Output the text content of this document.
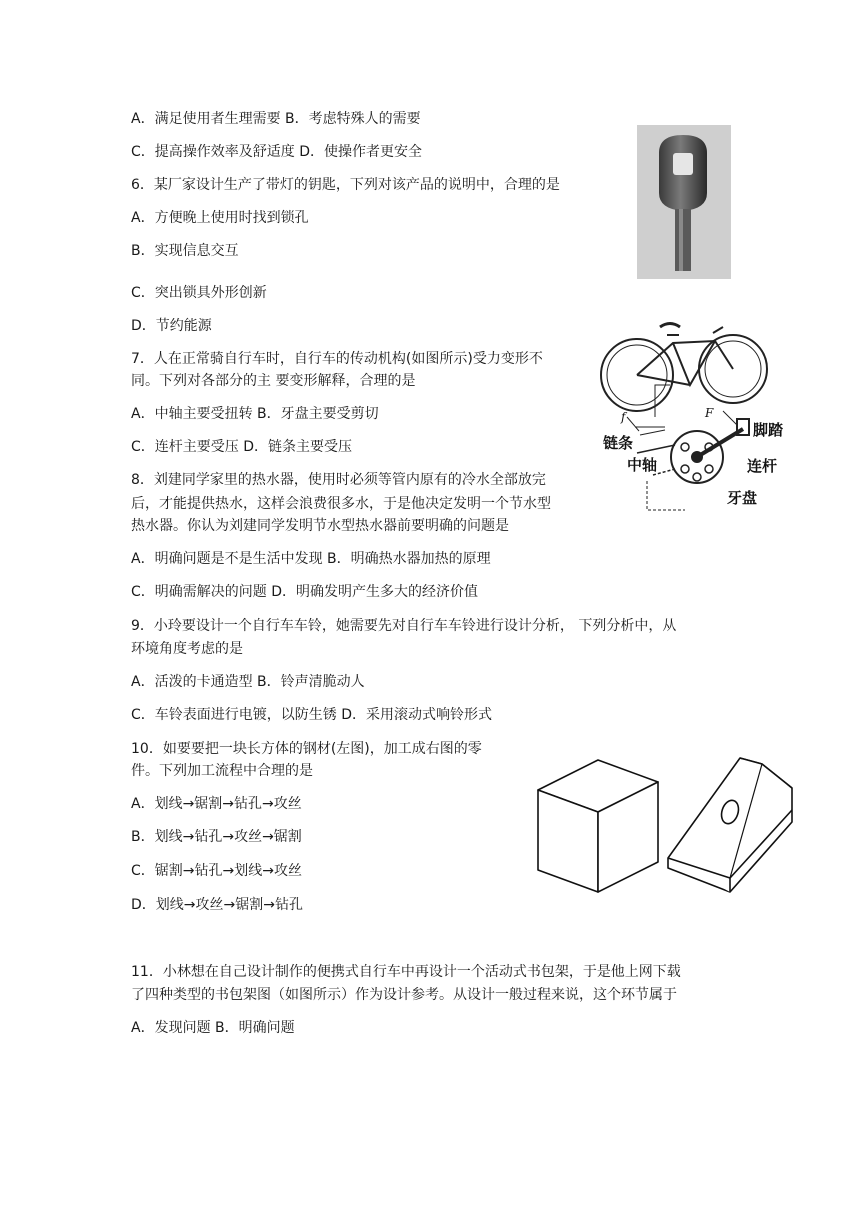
A．满足使用者生理需要 B．考虑特殊人的需要
C．提高操作效率及舒适度 D．使操作者更安全
6．某厂家设计生产了带灯的钥匙，下列对该产品的说明中，合理的是
A．方便晚上使用时找到锁孔
B．实现信息交互
C．突出锁具外形创新
D．节约能源
7．人在正常骑自行车时，自行车的传动机构(如图所示)受力变形不
同。下列对各部分的主 要变形解释，合理的是
A．中轴主要受扭转 B．牙盘主要受剪切
C．连杆主要受压 D．链条主要受压
8．刘建同学家里的热水器，使用时必须等管内原有的冷水全部放完
后，才能提供热水，这样会浪费很多水，于是他决定发明一个节水型
热水器。你认为刘建同学发明节水型热水器前要明确的问题是
A．明确问题是不是生活中发现 B．明确热水器加热的原理
C．明确需解决的问题 D．明确发明产生多大的经济价值
9．小玲要设计一个自行车车铃，她需要先对自行车车铃进行设计分析， 下列分析中，从
环境角度考虑的是
A．活泼的卡通造型 B．铃声清脆动人
C．车铃表面进行电镀，以防生锈 D．采用滚动式响铃形式
10．如要要把一块长方体的钢材(左图)，加工成右图的零
件。下列加工流程中合理的是
A．划线→锯割→钻孔→攻丝
B．划线→钻孔→攻丝→锯割
C．锯割→钻孔→划线→攻丝
D．划线→攻丝→锯割→钻孔
11．小林想在自己设计制作的便携式自行车中再设计一个活动式书包架，于是他上网下载
了四种类型的书包架图（如图所示）作为设计参考。从设计一般过程来说，这个环节属于
A．发现问题 B．明确问题
链条
中轴
脚踏
连杆
牙盘
F
f
